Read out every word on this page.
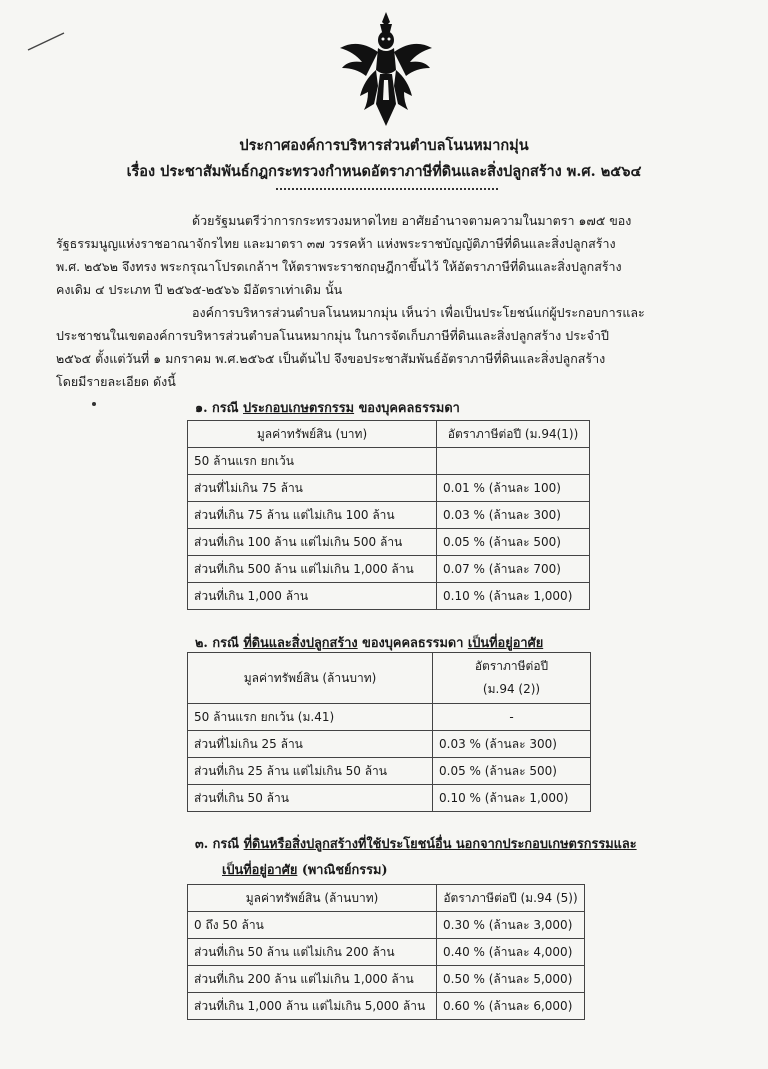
ประกาศองค์การบริหารส่วนตำบลโนนหมากมุ่น
เรื่อง ประชาสัมพันธ์กฎกระทรวงกำหนดอัตราภาษีที่ดินและสิ่งปลูกสร้าง พ.ศ. ๒๕๖๔
ด้วยรัฐมนตรีว่าการกระทรวงมหาดไทย อาศัยอำนาจตามความในมาตรา ๑๗๕ ของ
รัฐธรรมนูญแห่งราชอาณาจักรไทย และมาตรา ๓๗ วรรคห้า แห่งพระราชบัญญัติภาษีที่ดินและสิ่งปลูกสร้าง
พ.ศ. ๒๕๖๒ จึงทรง พระกรุณาโปรดเกล้าฯ ให้ตราพระราชกฤษฎีกาขึ้นไว้ ให้อัตราภาษีที่ดินและสิ่งปลูกสร้าง
คงเดิม ๔ ประเภท ปี ๒๕๖๕-๒๕๖๖ มีอัตราเท่าเดิม นั้น
องค์การบริหารส่วนตำบลโนนหมากมุ่น เห็นว่า เพื่อเป็นประโยชน์แก่ผู้ประกอบการและ
ประชาชนในเขตองค์การบริหารส่วนตำบลโนนหมากมุ่น ในการจัดเก็บภาษีที่ดินและสิ่งปลูกสร้าง ประจำปี
๒๕๖๕ ตั้งแต่วันที่ ๑ มกราคม พ.ศ.๒๕๖๕ เป็นต้นไป จึงขอประชาสัมพันธ์อัตราภาษีที่ดินและสิ่งปลูกสร้าง
โดยมีรายละเอียด ดังนี้
๑. กรณี ประกอบเกษตรกรรม ของบุคคลธรรมดา
มูลค่าทรัพย์สิน (บาท)	อัตราภาษีต่อปี (ม.94(1))
50 ล้านแรก ยกเว้น	
ส่วนที่ไม่เกิน 75 ล้าน	0.01 % (ล้านละ 100)
ส่วนที่เกิน 75 ล้าน แต่ไม่เกิน 100 ล้าน	0.03 % (ล้านละ 300)
ส่วนที่เกิน 100 ล้าน แต่ไม่เกิน 500 ล้าน	0.05 % (ล้านละ 500)
ส่วนที่เกิน 500 ล้าน แต่ไม่เกิน 1,000 ล้าน	0.07 % (ล้านละ 700)
ส่วนที่เกิน 1,000 ล้าน	0.10 % (ล้านละ 1,000)
๒. กรณี ที่ดินและสิ่งปลูกสร้าง ของบุคคลธรรมดา เป็นที่อยู่อาศัย
มูลค่าทรัพย์สิน (ล้านบาท)	อัตราภาษีต่อปี
(ม.94 (2))

50 ล้านแรก ยกเว้น (ม.41)	-
ส่วนที่ไม่เกิน 25 ล้าน	0.03 % (ล้านละ 300)
ส่วนที่เกิน 25 ล้าน แต่ไม่เกิน 50 ล้าน	0.05 % (ล้านละ 500)
ส่วนที่เกิน 50 ล้าน	0.10 % (ล้านละ 1,000)
๓. กรณี ที่ดินหรือสิ่งปลูกสร้างที่ใช้ประโยชน์อื่น นอกจากประกอบเกษตรกรรมและ
เป็นที่อยู่อาศัย (พาณิชย์กรรม)
มูลค่าทรัพย์สิน (ล้านบาท)	อัตราภาษีต่อปี (ม.94 (5))
0 ถึง 50 ล้าน	0.30 % (ล้านละ 3,000)
ส่วนที่เกิน 50 ล้าน แต่ไม่เกิน 200 ล้าน	0.40 % (ล้านละ 4,000)
ส่วนที่เกิน 200 ล้าน แต่ไม่เกิน 1,000 ล้าน	0.50 % (ล้านละ 5,000)
ส่วนที่เกิน 1,000 ล้าน แต่ไม่เกิน 5,000 ล้าน	0.60 % (ล้านละ 6,000)
